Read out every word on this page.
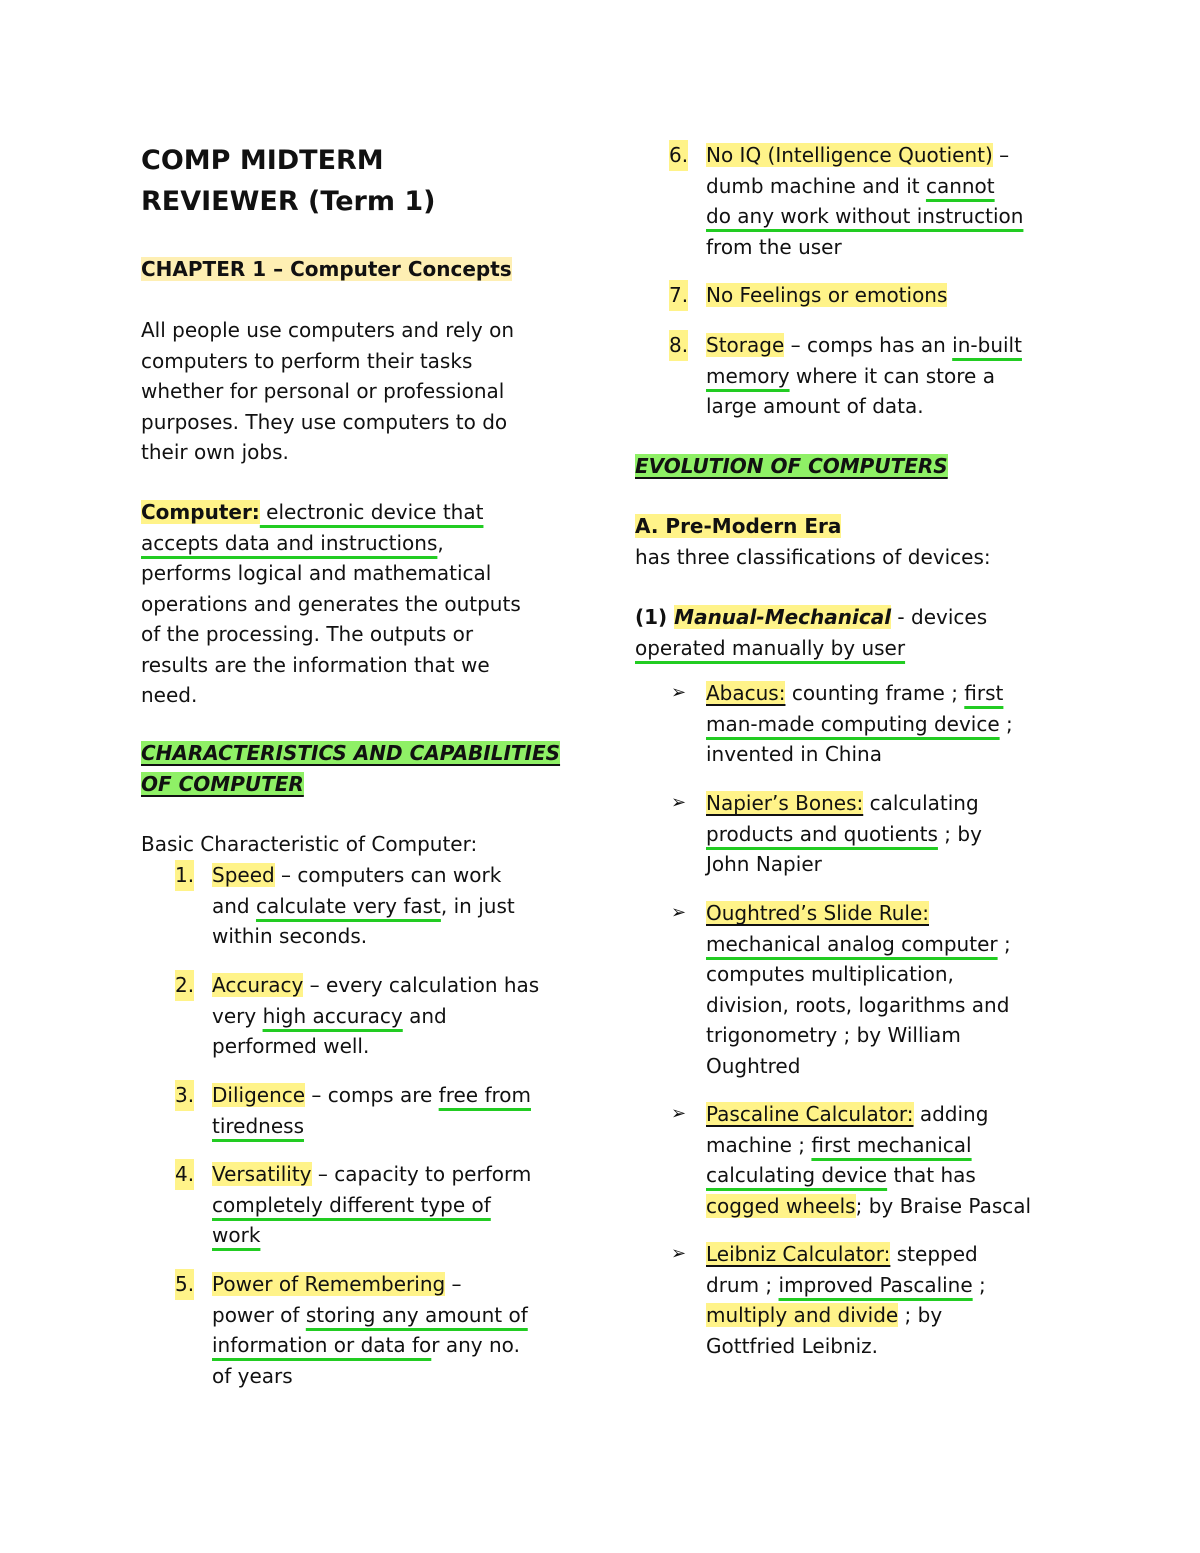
COMP MIDTERM
REVIEWER (Term 1)
CHAPTER 1 – Computer Concepts
All people use computers and rely on
computers to perform their tasks
whether for personal or professional
purposes. They use computers to do
their own jobs.
Computer: electronic device that
accepts data and instructions,
performs logical and mathematical
operations and generates the outputs
of the processing. The outputs or
results are the information that we
need.
CHARACTERISTICS AND CAPABILITIES
OF COMPUTER
Basic Characteristic of Computer:
1. Speed – computers can work
and calculate very fast, in just
within seconds.
2. Accuracy – every calculation has
very high accuracy and
performed well.
3. Diligence – comps are free from
tiredness
4. Versatility – capacity to perform
completely different type of
work
5. Power of Remembering –
power of storing any amount of
information or data for any no.
of years
6. No IQ (Intelligence Quotient) –
dumb machine and it cannot
do any work without instruction
from the user
7. No Feelings or emotions
8. Storage – comps has an in-built
memory where it can store a
large amount of data.
EVOLUTION OF COMPUTERS
A. Pre-Modern Era
has three classifications of devices:
(1) Manual-Mechanical - devices
operated manually by user
➢ Abacus: counting frame ; first
man-made computing device ;
invented in China
➢ Napier’s Bones: calculating
products and quotients ; by
John Napier
➢ Oughtred’s Slide Rule:
mechanical analog computer ;
computes multiplication,
division, roots, logarithms and
trigonometry ; by William
Oughtred
➢ Pascaline Calculator: adding
machine ; first mechanical
calculating device that has
cogged wheels; by Braise Pascal
➢ Leibniz Calculator: stepped
drum ; improved Pascaline ;
multiply and divide ; by
Gottfried Leibniz.
